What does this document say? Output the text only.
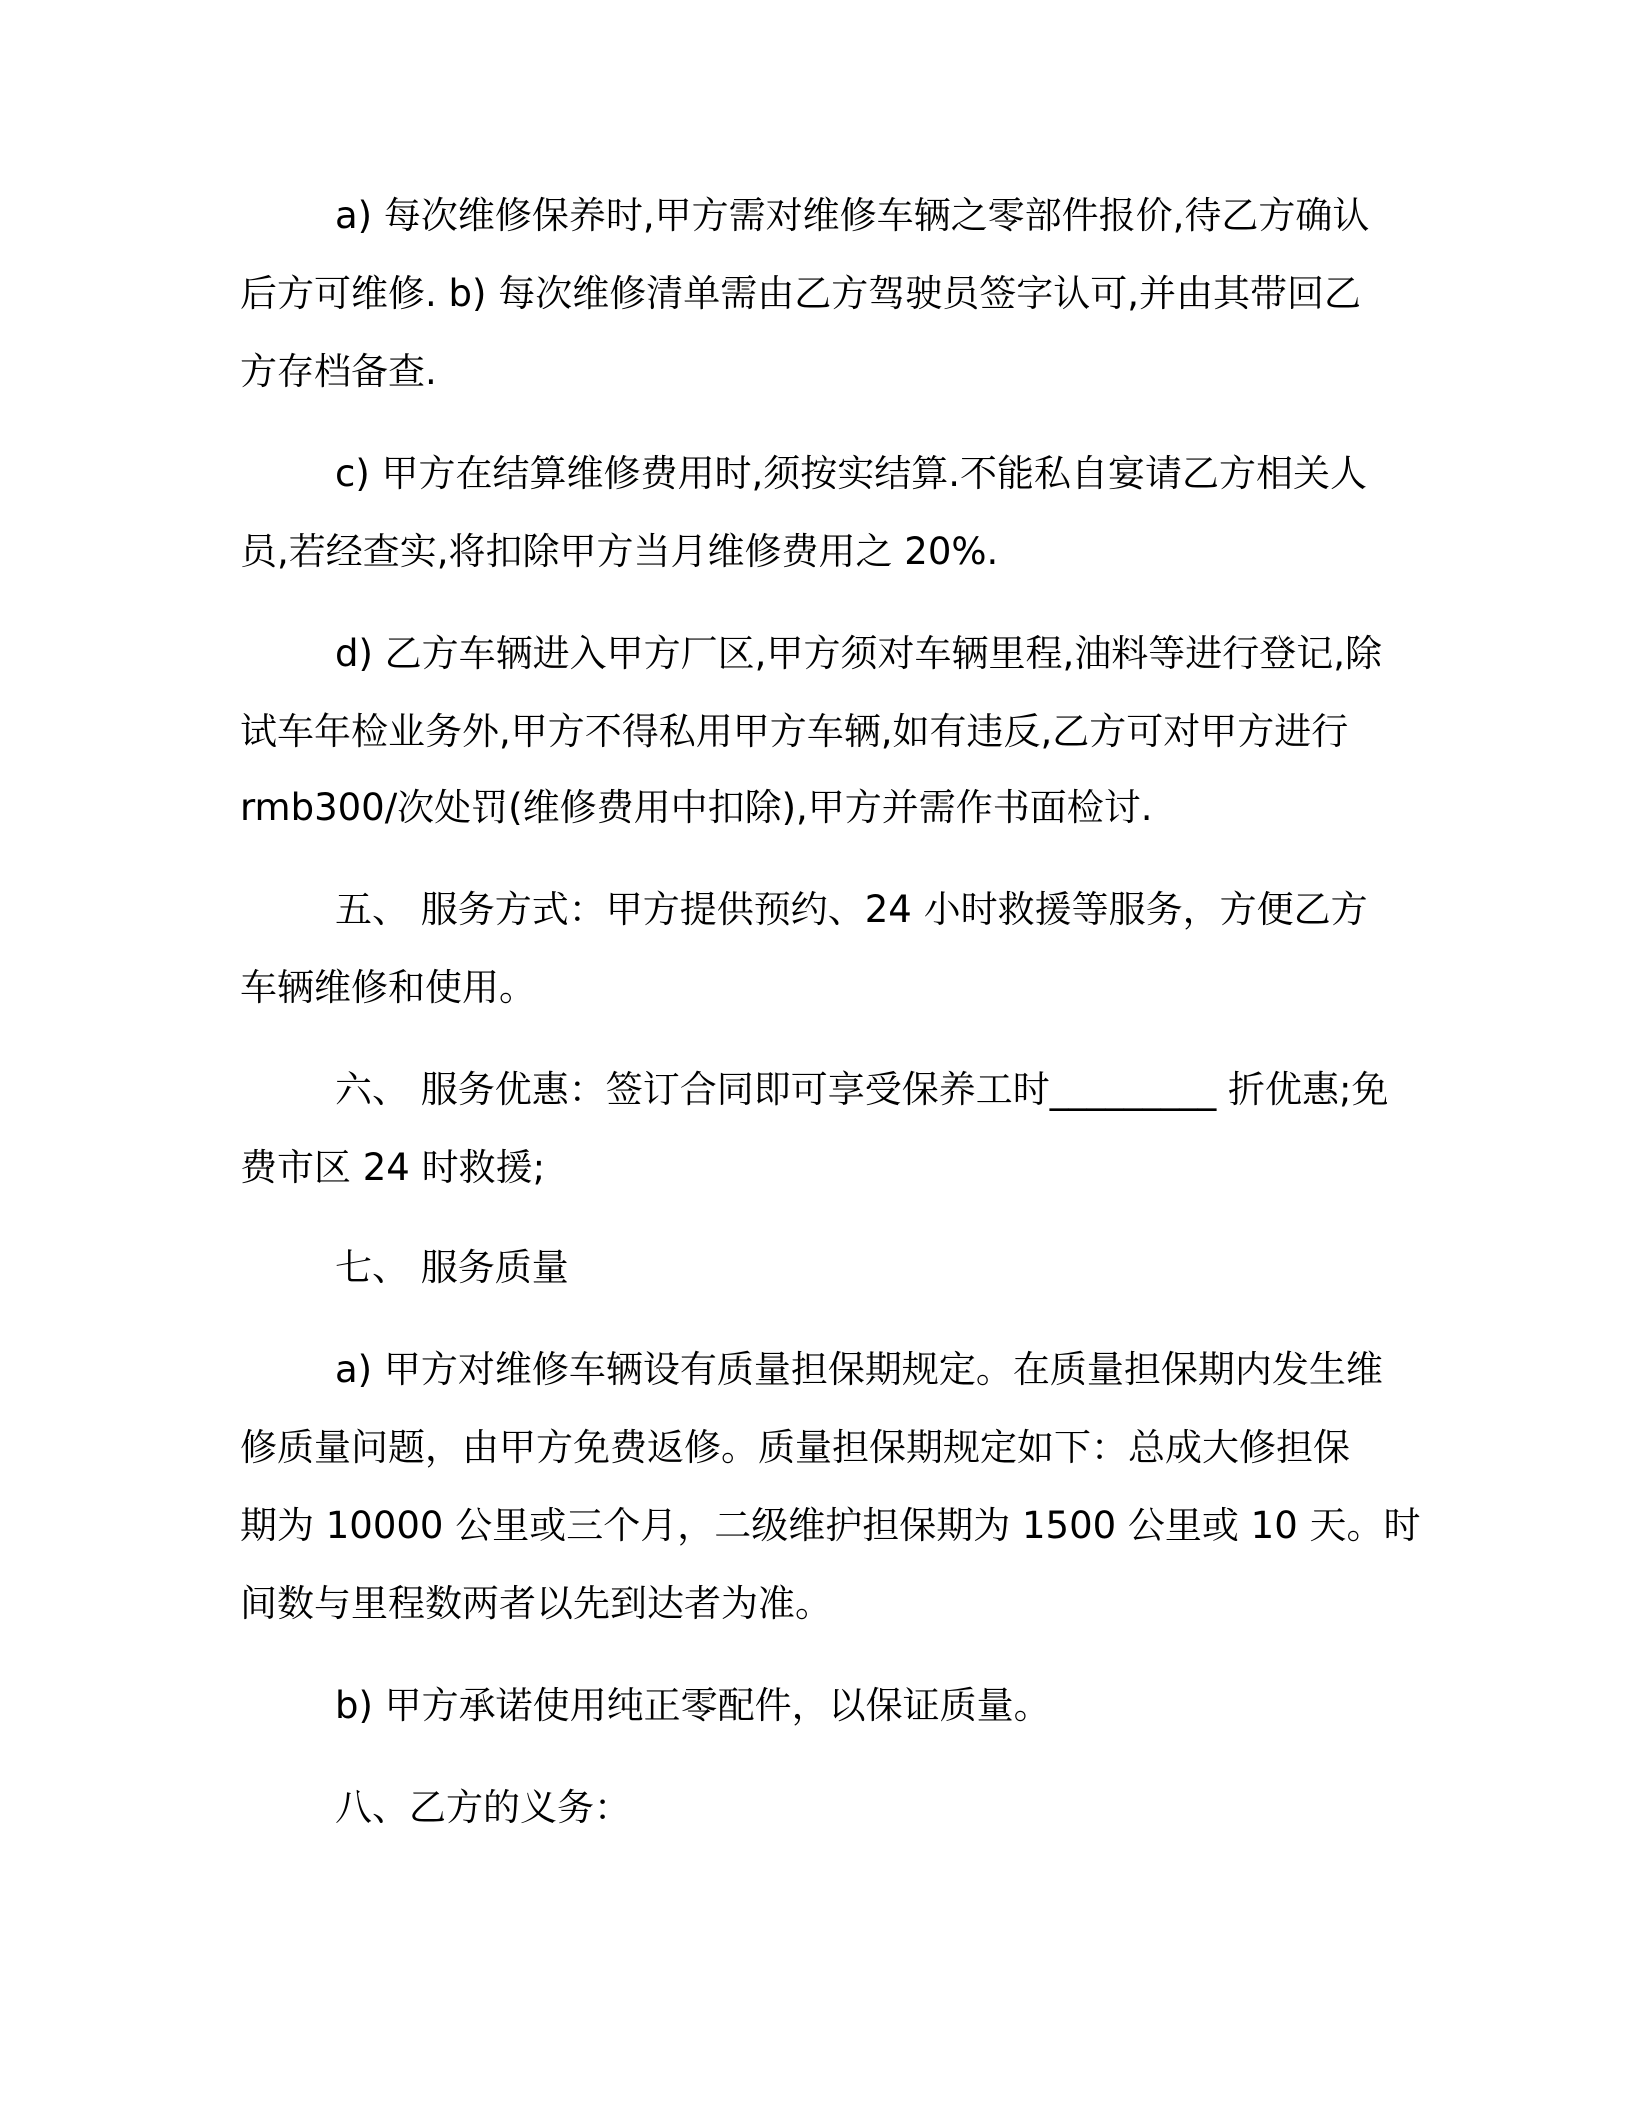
a) 每次维修保养时,甲方需对维修车辆之零部件报价,待乙方确认
后方可维修. b) 每次维修清单需由乙方驾驶员签字认可,并由其带回乙
方存档备查.
c) 甲方在结算维修费用时,须按实结算.不能私自宴请乙方相关人
员,若经查实,将扣除甲方当月维修费用之 20%.
d) 乙方车辆进入甲方厂区,甲方须对车辆里程,油料等进行登记,除
试车年检业务外,甲方不得私用甲方车辆,如有违反,乙方可对甲方进行
rmb300/次处罚(维修费用中扣除),甲方并需作书面检讨.
五、 服务方式：甲方提供预约、24 小时救援等服务，方便乙方
车辆维修和使用。
六、 服务优惠：签订合同即可享受保养工时_________ 折优惠;免
费市区 24 时救援;
七、 服务质量
a) 甲方对维修车辆设有质量担保期规定。在质量担保期内发生维
修质量问题，由甲方免费返修。质量担保期规定如下：总成大修担保
期为 10000 公里或三个月，二级维护担保期为 1500 公里或 10 天。时
间数与里程数两者以先到达者为准。
b) 甲方承诺使用纯正零配件，以保证质量。
八、乙方的义务：
